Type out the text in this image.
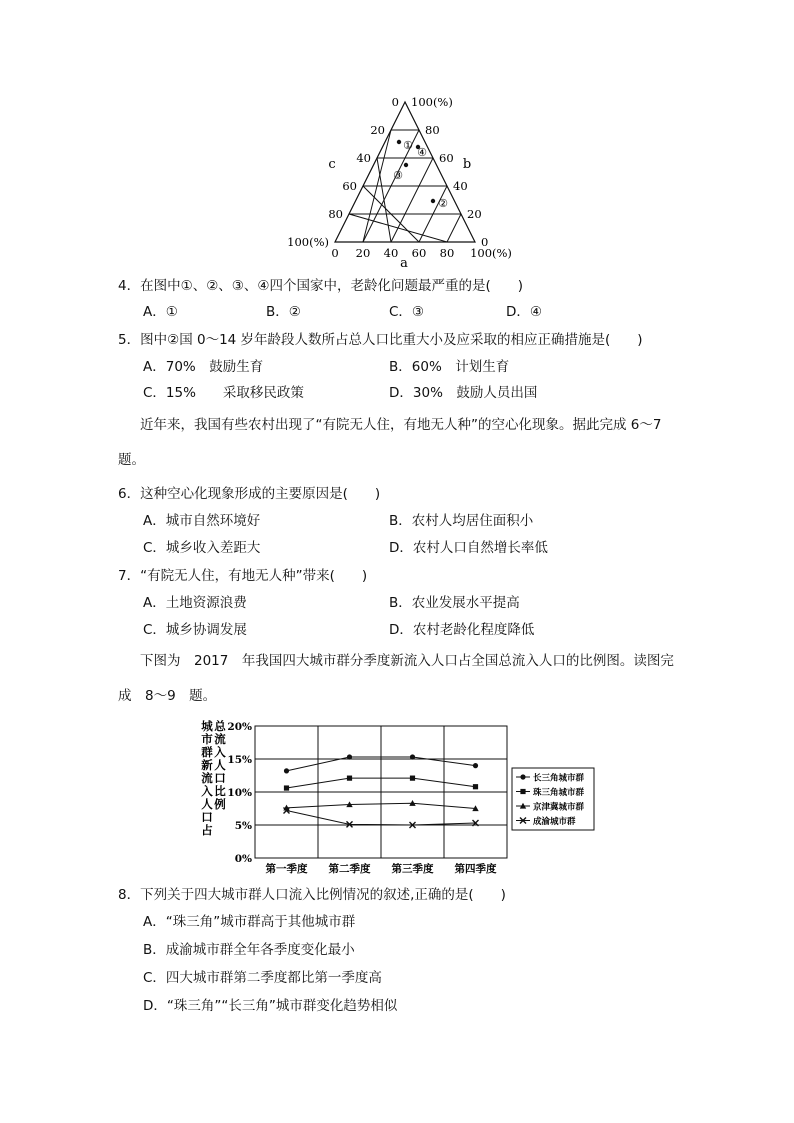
0
20
40
60
80
100(%)
100(%)
80
60
40
20
0
0 20 40 60 80 100(%)
c	b
a
①
②
③
④
4．在图中①、②、③、④四个国家中，老龄化问题最严重的是(　　)
A．①	B．②	C．③	D．④
5．图中②国 0～14 岁年龄段人数所占总人口比重大小及应采取的相应正确措施是(　　)
A．70%　鼓励生育	B．60%　计划生育
C．15%　　采取移民政策	D．30%　鼓励人员出国
近年来，我国有些农村出现了“有院无人住，有地无人种”的空心化现象。据此完成 6～7
题。
6．这种空心化现象形成的主要原因是(　　)
A．城市自然环境好	B．农村人均居住面积小
C．城乡收入差距大	D．农村人口自然增长率低
7．“有院无人住，有地无人种”带来(　　)
A．土地资源浪费	B．农业发展水平提高
C．城乡协调发展	D．农村老龄化程度降低
下图为　2017　年我国四大城市群分季度新流入人口占全国总流入人口的比例图。读图完
成　8～9　题。
城
市
群
新
流
入
人
口
占
总
流
入
人
口
比
例
0%
5%
10%
15%
20%
第一季度 第二季度 第三季度 第四季度
长三角城市群
珠三角城市群
京津冀城市群
成渝城市群
8．下列关于四大城市群人口流入比例情况的叙述,正确的是(　　)
A．“珠三角”城市群高于其他城市群
B．成渝城市群全年各季度变化最小
C．四大城市群第二季度都比第一季度高
D．“珠三角”“长三角”城市群变化趋势相似
